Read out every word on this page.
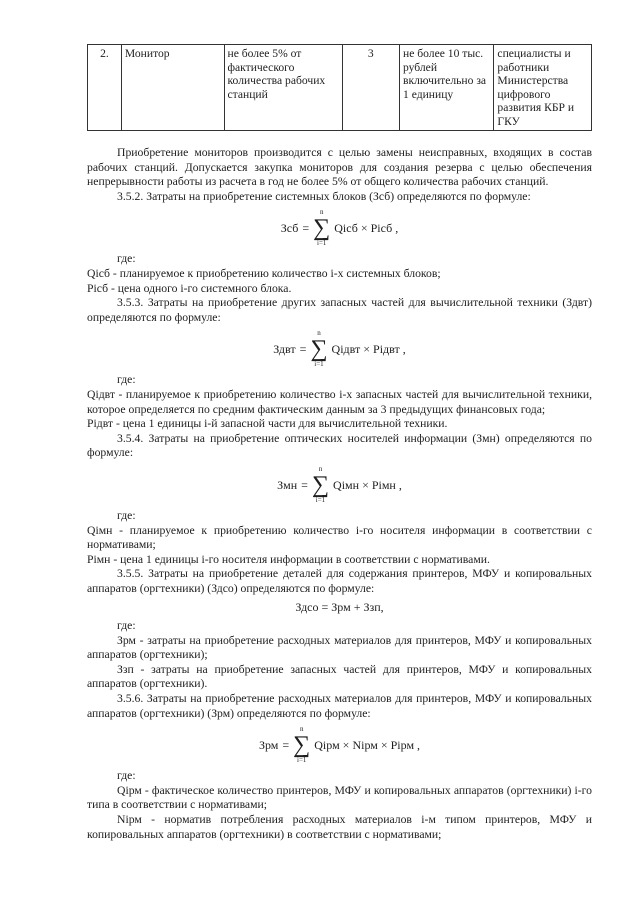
2.	Монитор	не более 5% от фактического количества рабочих станций	3	не более 10 тыс. рублей включительно за 1 единицу	специалисты и работники Министерства цифрового развития КБР и ГКУ

Приобретение мониторов производится с целью замены неисправных, входящих в состав рабочих станций. Допускается закупка мониторов для создания резерва с целью обеспечения непрерывности работы из расчета в год не более 5% от общего количества рабочих станций.

3.5.2. Затраты на приобретение системных блоков (Зсб) определяются по формуле:

Зсб =
n
∑
i=1
Qiсб × Piсб ,

где:

Qiсб - планируемое к приобретению количество i-х системных блоков;

Piсб - цена одного i-го системного блока.

3.5.3. Затраты на приобретение других запасных частей для вычислительной техники (Здвт) определяются по формуле:

Здвт =
n
∑
i=1
Qiдвт × Piдвт ,

где:

Qiдвт - планируемое к приобретению количество i-х запасных частей для вычислительной техники, которое определяется по средним фактическим данным за 3 предыдущих финансовых года;

Piдвт - цена 1 единицы i-й запасной части для вычислительной техники.

3.5.4. Затраты на приобретение оптических носителей информации (Змн) определяются по формуле:

Змн =
n
∑
i=1
Qiмн × Piмн ,

где:

Qiмн - планируемое к приобретению количество i-го носителя информации в соответствии с нормативами;

Piмн - цена 1 единицы i-го носителя информации в соответствии с нормативами.

3.5.5. Затраты на приобретение деталей для содержания принтеров, МФУ и копировальных аппаратов (оргтехники) (Здсо) определяются по формуле:

Здсо = Зрм + Ззп,

где:

Зрм - затраты на приобретение расходных материалов для принтеров, МФУ и копировальных аппаратов (оргтехники);

Ззп - затраты на приобретение запасных частей для принтеров, МФУ и копировальных аппаратов (оргтехники).

3.5.6. Затраты на приобретение расходных материалов для принтеров, МФУ и копировальных аппаратов (оргтехники) (Зрм) определяются по формуле:

Зрм =
n
∑
i=1
Qiрм × Niрм × Piрм ,

где:

Qiрм - фактическое количество принтеров, МФУ и копировальных аппаратов (оргтехники) i-го типа в соответствии с нормативами;

Niрм - норматив потребления расходных материалов i-м типом принтеров, МФУ и копировальных аппаратов (оргтехники) в соответствии с нормативами;
